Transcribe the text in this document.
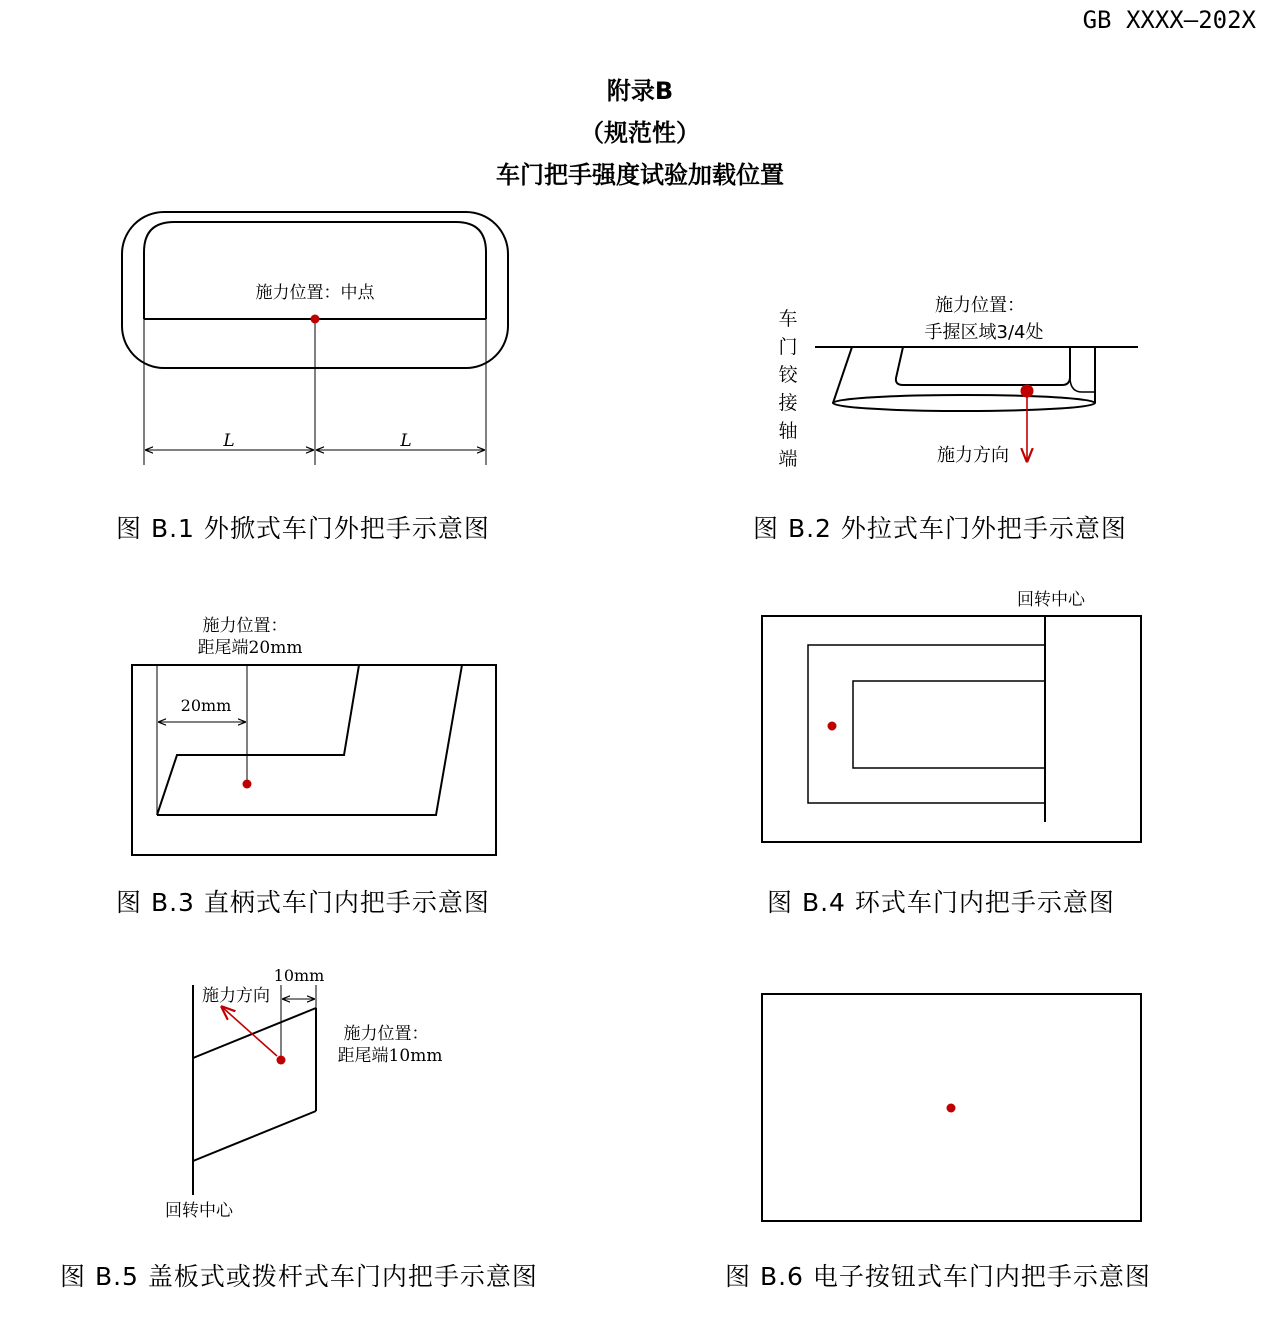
GB XXXX—202X
附录B
（规范性）
车门把手强度试验加载位置
施力位置：中点
L	L
施力位置：
手握区域3/4处
施力方向
车
门
铰
接
轴
端
施力位置：
距尾端20mm
20mm
回转中心
10mm
施力方向
施力位置：
距尾端10mm
回转中心
图 B.1 外掀式车门外把手示意图	图 B.2 外拉式车门外把手示意图
图 B.3 直柄式车门内把手示意图	图 B.4 环式车门内把手示意图
图 B.5 盖板式或拨杆式车门内把手示意图	图 B.6 电子按钮式车门内把手示意图
